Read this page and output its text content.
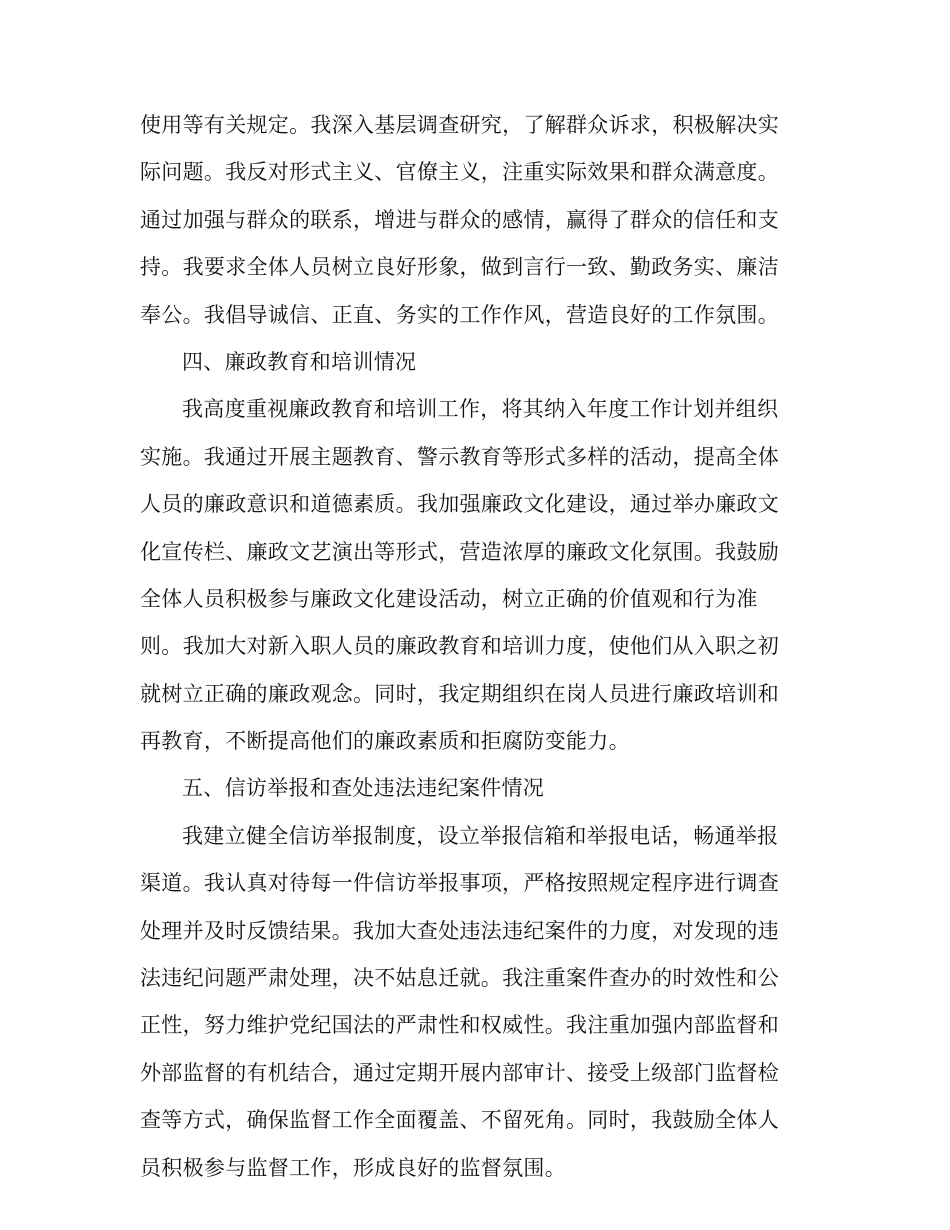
使用等有关规定。我深入基层调查研究，了解群众诉求，积极解决实
际问题。我反对形式主义、官僚主义，注重实际效果和群众满意度。
通过加强与群众的联系，增进与群众的感情，赢得了群众的信任和支
持。我要求全体人员树立良好形象，做到言行一致、勤政务实、廉洁
奉公。我倡导诚信、正直、务实的工作作风，营造良好的工作氛围。
四、廉政教育和培训情况
我高度重视廉政教育和培训工作，将其纳入年度工作计划并组织
实施。我通过开展主题教育、警示教育等形式多样的活动，提高全体
人员的廉政意识和道德素质。我加强廉政文化建设，通过举办廉政文
化宣传栏、廉政文艺演出等形式，营造浓厚的廉政文化氛围。我鼓励
全体人员积极参与廉政文化建设活动，树立正确的价值观和行为准
则。我加大对新入职人员的廉政教育和培训力度，使他们从入职之初
就树立正确的廉政观念。同时，我定期组织在岗人员进行廉政培训和
再教育，不断提高他们的廉政素质和拒腐防变能力。
五、信访举报和查处违法违纪案件情况
我建立健全信访举报制度，设立举报信箱和举报电话，畅通举报
渠道。我认真对待每一件信访举报事项，严格按照规定程序进行调查
处理并及时反馈结果。我加大查处违法违纪案件的力度，对发现的违
法违纪问题严肃处理，决不姑息迁就。我注重案件查办的时效性和公
正性，努力维护党纪国法的严肃性和权威性。我注重加强内部监督和
外部监督的有机结合，通过定期开展内部审计、接受上级部门监督检
查等方式，确保监督工作全面覆盖、不留死角。同时，我鼓励全体人
员积极参与监督工作，形成良好的监督氛围。
